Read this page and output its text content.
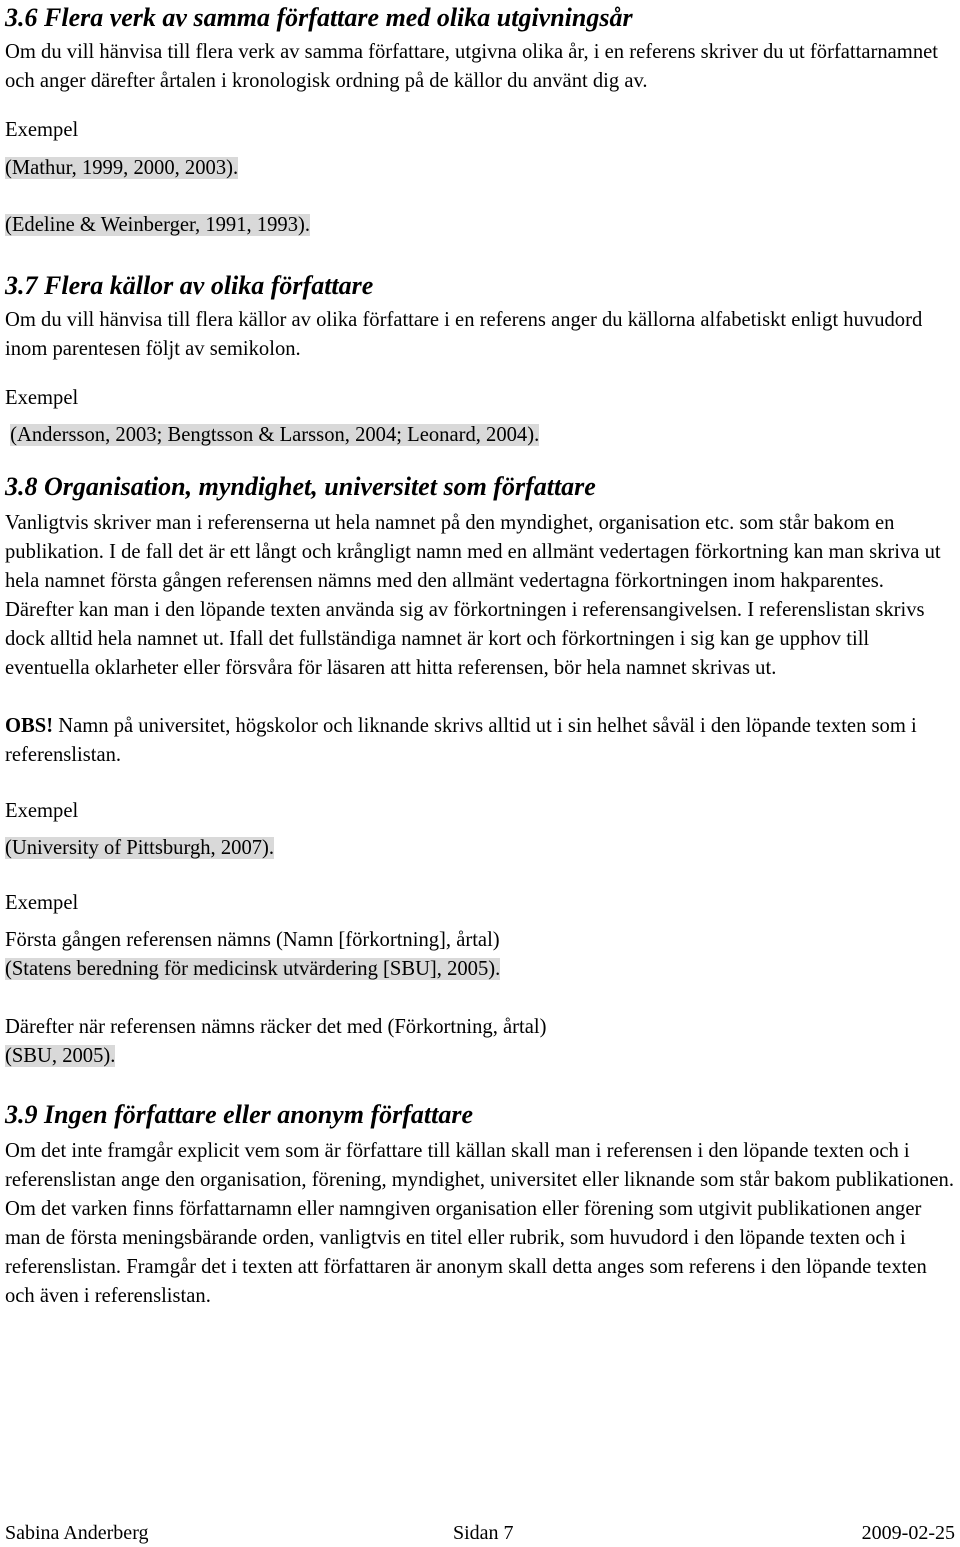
3.6 Flera verk av samma författare med olika utgivningsår

Om du vill hänvisa till flera verk av samma författare, utgivna olika år, i en referens skriver du ut författarnamnet och anger därefter årtalen i kronologisk ordning på de källor du använt dig av.

Exempel

(Mathur, 1999, 2000, 2003).

(Edeline & Weinberger, 1991, 1993).

3.7 Flera källor av olika författare

Om du vill hänvisa till flera källor av olika författare i en referens anger du källorna alfabetiskt enligt huvudord inom parentesen följt av semikolon.

Exempel

(Andersson, 2003; Bengtsson & Larsson, 2004; Leonard, 2004).

3.8 Organisation, myndighet, universitet som författare

Vanligtvis skriver man i referenserna ut hela namnet på den myndighet, organisation etc. som står bakom en publikation. I de fall det är ett långt och krångligt namn med en allmänt vedertagen förkortning kan man skriva ut hela namnet första gången referensen nämns med den allmänt vedertagna förkortningen inom hakparentes. Därefter kan man i den löpande texten använda sig av förkortningen i referensangivelsen. I referenslistan skrivs dock alltid hela namnet ut. Ifall det fullständiga namnet är kort och förkortningen i sig kan ge upphov till eventuella oklarheter eller försvåra för läsaren att hitta referensen, bör hela namnet skrivas ut.

OBS! Namn på universitet, högskolor och liknande skrivs alltid ut i sin helhet såväl i den löpande texten som i referenslistan.

Exempel

(University of Pittsburgh, 2007).

Exempel

Första gången referensen nämns (Namn [förkortning], årtal)

(Statens beredning för medicinsk utvärdering [SBU], 2005).

Därefter när referensen nämns räcker det med (Förkortning, årtal)

(SBU, 2005).

3.9 Ingen författare eller anonym författare

Om det inte framgår explicit vem som är författare till källan skall man i referensen i den löpande texten och i referenslistan ange den organisation, förening, myndighet, universitet eller liknande som står bakom publikationen. Om det varken finns författarnamn eller namngiven organisation eller förening som utgivit publikationen anger man de första meningsbärande orden, vanligtvis en titel eller rubrik, som huvudord i den löpande texten och i referenslistan. Framgår det i texten att författaren är anonym skall detta anges som referens i den löpande texten och även i referenslistan.

Sabina Anderberg	Sidan 7	2009-02-25
